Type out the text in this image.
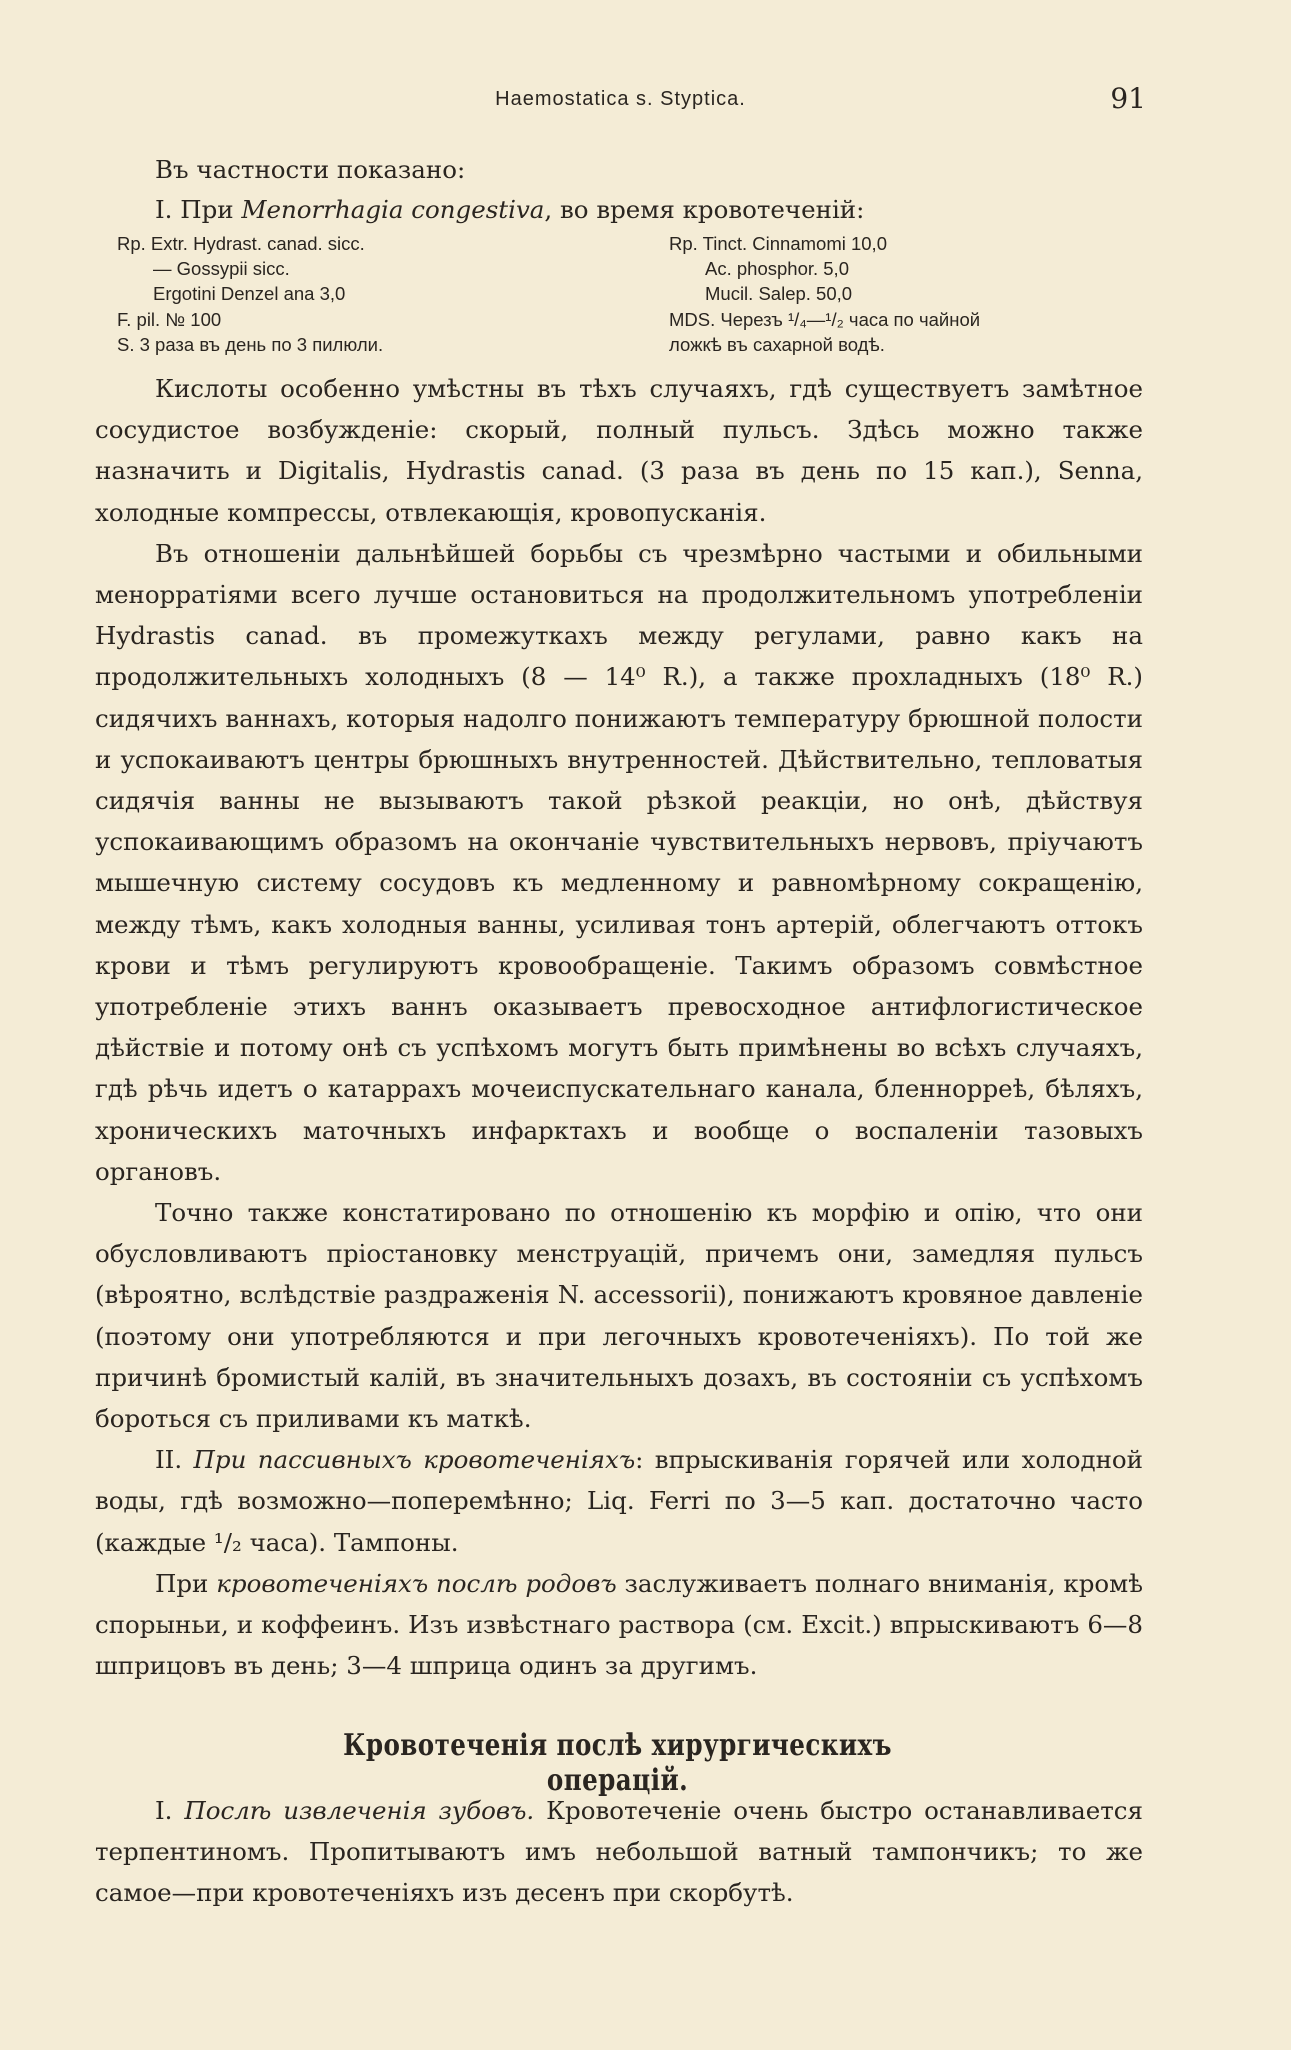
Haemostatica s. Styptica.	91

Въ частности показано:

I. При Menorrhagia congestiva, во время кровотеченій:

Rp. Extr. Hydrast. canad. sicc.
— Gossypii sicc.
Ergotini Denzel ana 3,0
F. pil. № 100
S. 3 раза въ день по 3 пилюли.
Rp. Tinct. Cinnamomi 10,0
Ac. phosphor. 5,0
Mucil. Salep. 50,0
MDS. Черезъ ¹/₄—¹/₂ часа по чайной
ложкѣ въ сахарной водѣ.

Кислоты особенно умѣстны въ тѣхъ случаяхъ, гдѣ существуетъ замѣтное сосудистое возбужденіе: скорый, полный пульсъ. Здѣсь можно также назначить и Digitalis, Hydrastis canad. (3 раза въ день по 15 кап.), Senna, холодные компрессы, отвлекающія, кровопусканія.

Въ отношеніи дальнѣйшей борьбы съ чрезмѣрно частыми и обильными менорратіями всего лучше остановиться на продолжительномъ употребленіи Hydrastis canad. въ промежуткахъ между регулами, равно какъ на продолжительныхъ холодныхъ (8 — 14⁰ R.), а также прохладныхъ (18⁰ R.) сидячихъ ваннахъ, которыя надолго понижаютъ температуру брюшной полости и успокаиваютъ центры брюшныхъ внутренностей. Дѣйствительно, тепловатыя сидячія ванны не вызываютъ такой рѣзкой реакціи, но онѣ, дѣйствуя успокаивающимъ образомъ на окончаніе чувствительныхъ нервовъ, пріучаютъ мышечную систему сосудовъ къ медленному и равномѣрному сокращенію, между тѣмъ, какъ холодныя ванны, усиливая тонъ артерій, облегчаютъ оттокъ крови и тѣмъ регулируютъ кровообращеніе. Такимъ образомъ совмѣстное употребленіе этихъ ваннъ оказываетъ превосходное антифлогистическое дѣйствіе и потому онѣ съ успѣхомъ могутъ быть примѣнены во всѣхъ случаяхъ, гдѣ рѣчь идетъ о катаррахъ мочеиспускательнаго канала, бленнорреѣ, бѣляхъ, хроническихъ маточныхъ инфарктахъ и вообще о воспаленіи тазовыхъ органовъ.

Точно также констатировано по отношенію къ морфію и опію, что они обусловливаютъ пріостановку менструацій, причемъ они, замедляя пульсъ (вѣроятно, вслѣдствіе раздраженія N. accessorii), понижаютъ кровяное давленіе (поэтому они употребляются и при легочныхъ кровотеченіяхъ). По той же причинѣ бромистый калій, въ значительныхъ дозахъ, въ состояніи съ успѣхомъ бороться съ приливами къ маткѣ.

II. При пассивныхъ кровотеченіяхъ: впрыскиванія горячей или холодной воды, гдѣ возможно—поперемѣнно; Liq. Ferri по 3—5 кап. достаточно часто (каждые ¹/₂ часа). Тампоны.

При кровотеченіяхъ послѣ родовъ заслуживаетъ полнаго вниманія, кромѣ спорыньи, и коффеинъ. Изъ извѣстнаго раствора (см. Excit.) впрыскиваютъ 6—8 шприцовъ въ день; 3—4 шприца одинъ за другимъ.

Кровотеченія послѣ хирургическихъ операцій.

I. Послѣ извлеченія зубовъ. Кровотеченіе очень быстро останавливается терпентиномъ. Пропитываютъ имъ небольшой ватный тампончикъ; то же самое—при кровотеченіяхъ изъ десенъ при скорбутѣ.
